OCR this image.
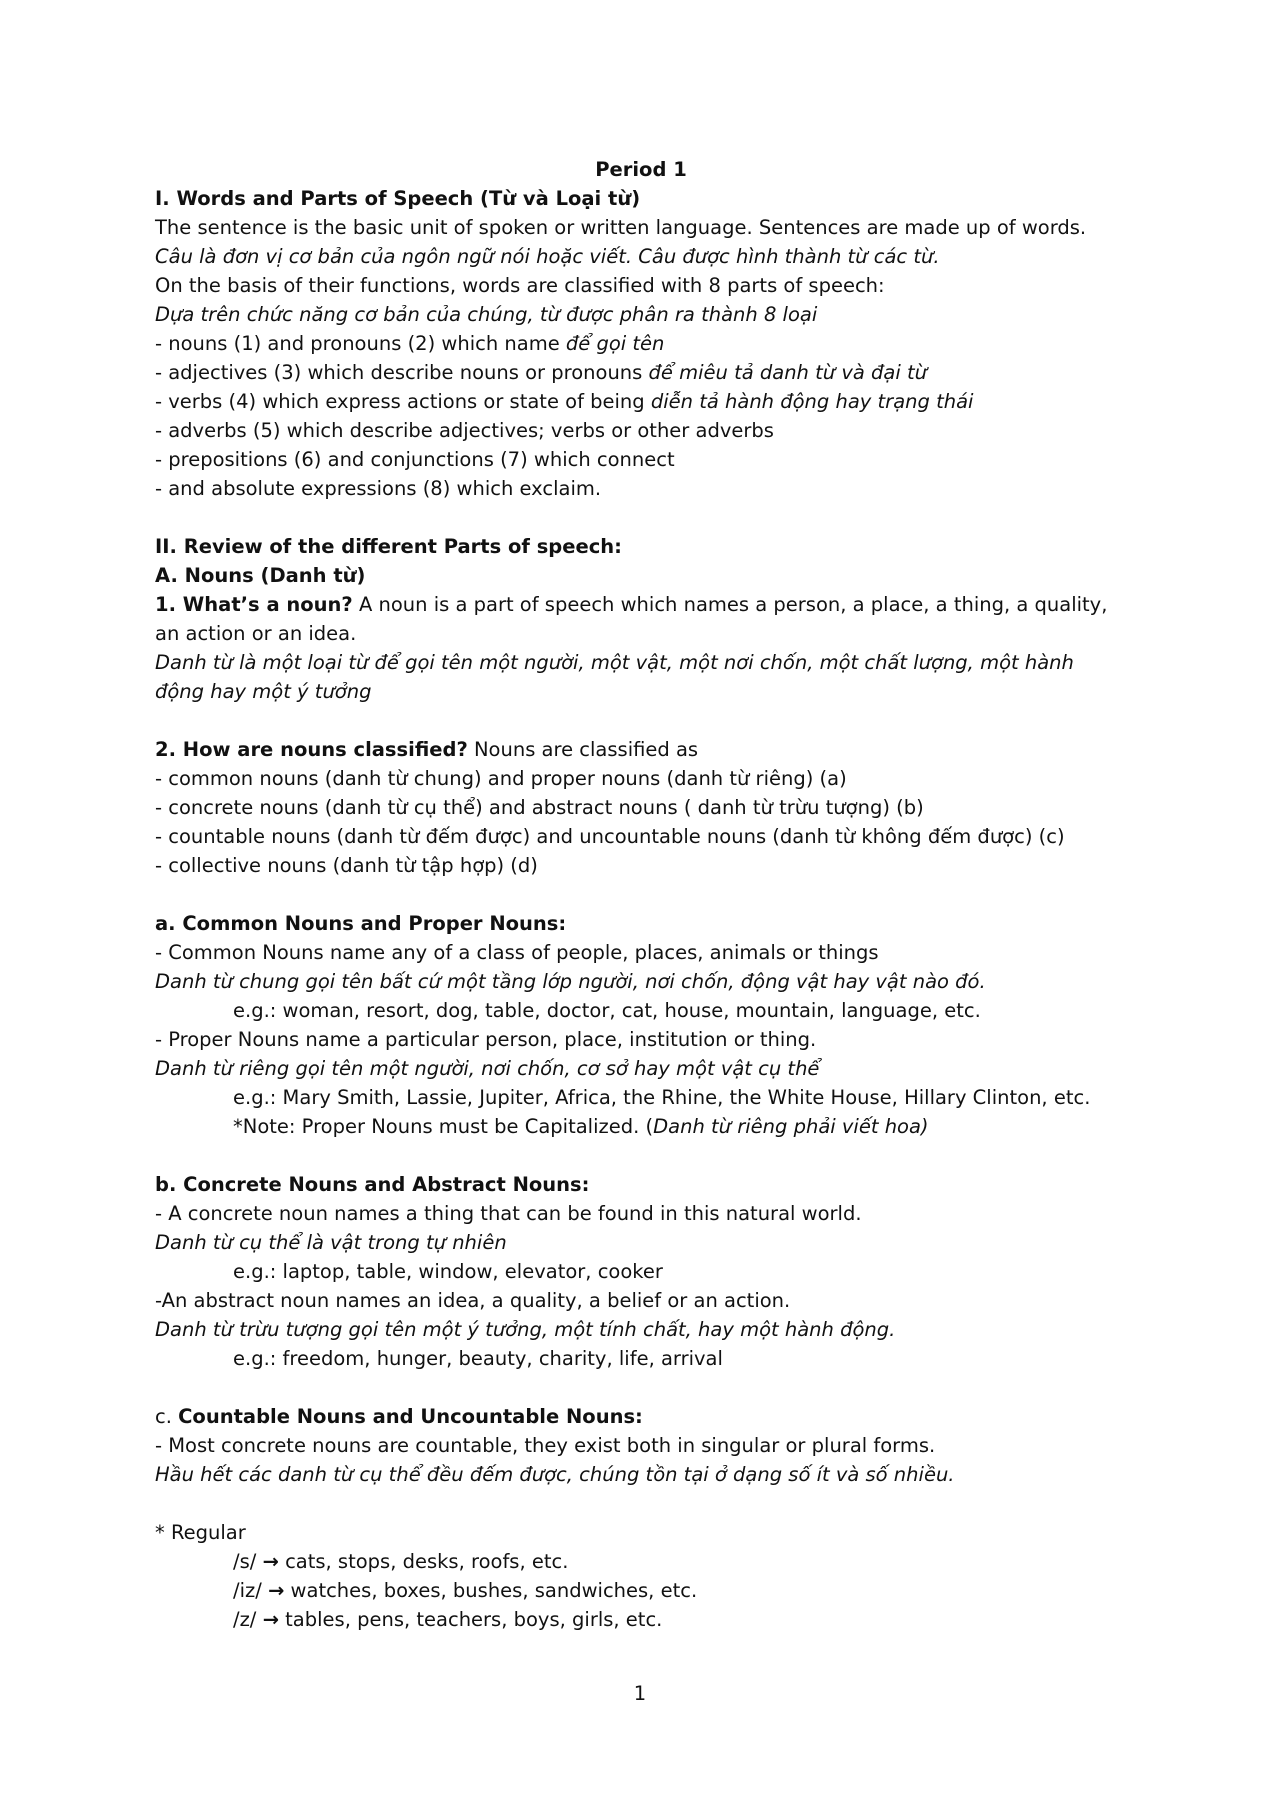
Period 1
I. Words and Parts of Speech (Từ và Loại từ)
The sentence is the basic unit of spoken or written language. Sentences are made up of words.
Câu là đơn vị cơ bản của ngôn ngữ nói hoặc viết. Câu được hình thành từ các từ.
On the basis of their functions, words are classified with 8 parts of speech:
Dựa trên chức năng cơ bản của chúng, từ được phân ra thành 8 loại
- nouns (1) and pronouns (2) which name để gọi tên
- adjectives (3) which describe nouns or pronouns để miêu tả danh từ và đại từ
- verbs (4) which express actions or state of being diễn tả hành động hay trạng thái
- adverbs (5) which describe adjectives; verbs or other adverbs
- prepositions (6) and conjunctions (7) which connect
- and absolute expressions (8) which exclaim.
II. Review of the different Parts of speech:
A. Nouns (Danh từ)
1. What’s a noun? A noun is a part of speech which names a person, a place, a thing, a quality, an action or an idea.
Danh từ là một loại từ để gọi tên một người, một vật, một nơi chốn, một chất lượng, một hành động hay một ý tưởng
2. How are nouns classified? Nouns are classified as
- common nouns (danh từ chung) and proper nouns (danh từ riêng) (a)
- concrete nouns (danh từ cụ thể) and abstract nouns ( danh từ trừu tượng) (b)
- countable nouns (danh từ đếm được) and uncountable nouns (danh từ không đếm được) (c)
- collective nouns (danh từ tập hợp) (d)
a. Common Nouns and Proper Nouns:
- Common Nouns name any of a class of people, places, animals or things
Danh từ chung gọi tên bất cứ một tầng lớp người, nơi chốn, động vật hay vật nào đó.
e.g.: woman, resort, dog, table, doctor, cat, house, mountain, language, etc.
- Proper Nouns name a particular person, place, institution or thing.
Danh từ riêng gọi tên một người, nơi chốn, cơ sở hay một vật cụ thể
e.g.: Mary Smith, Lassie, Jupiter, Africa, the Rhine, the White House, Hillary Clinton, etc.
*Note: Proper Nouns must be Capitalized. (Danh từ riêng phải viết hoa)
b. Concrete Nouns and Abstract Nouns:
- A concrete noun names a thing that can be found in this natural world.
Danh từ cụ thể là vật trong tự nhiên
e.g.: laptop, table, window, elevator, cooker
-An abstract noun names an idea, a quality, a belief or an action.
Danh từ trừu tượng gọi tên một ý tưởng, một tính chất, hay một hành động.
e.g.: freedom, hunger, beauty, charity, life, arrival
c. Countable Nouns and Uncountable Nouns:
- Most concrete nouns are countable, they exist both in singular or plural forms.
Hầu hết các danh từ cụ thể đều đếm được, chúng tồn tại ở dạng số ít và số nhiều.
* Regular
/s/ → cats, stops, desks, roofs, etc.
/iz/ → watches, boxes, bushes, sandwiches, etc.
/z/ → tables, pens, teachers, boys, girls, etc.
1
